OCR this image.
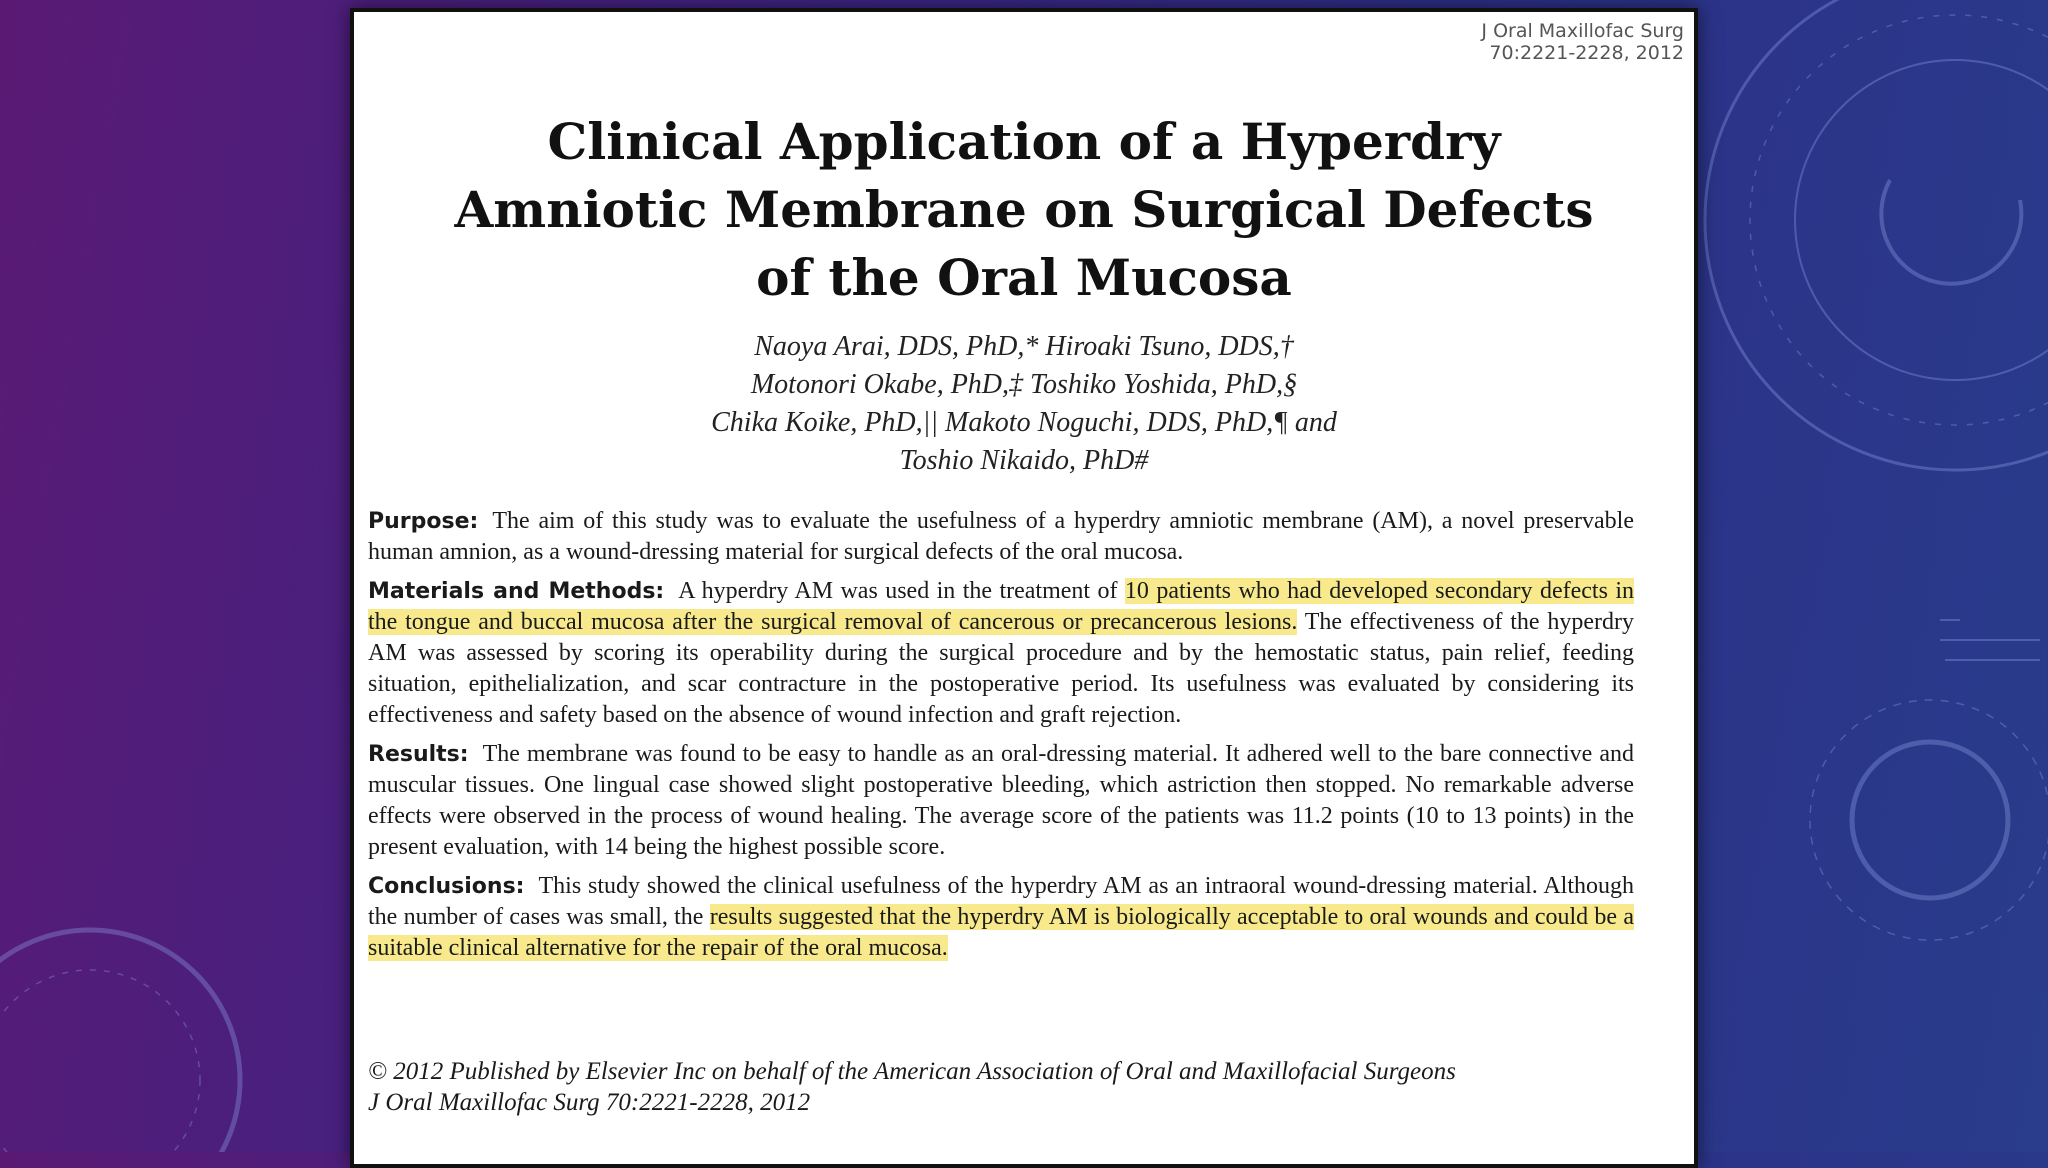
J Oral Maxillofac Surg
70:2221-2228, 2012
Clinical Application of a Hyperdry
Amniotic Membrane on Surgical Defects
of the Oral Mucosa
Naoya Arai, DDS, PhD,* Hiroaki Tsuno, DDS,†
Motonori Okabe, PhD,‡ Toshiko Yoshida, PhD,§
Chika Koike, PhD,|| Makoto Noguchi, DDS, PhD,¶ and
Toshio Nikaido, PhD#

Purpose: The aim of this study was to evaluate the usefulness of a hyperdry amniotic membrane (AM), a novel preservable human amnion, as a wound-dressing material for surgical defects of the oral mucosa.

Materials and Methods: A hyperdry AM was used in the treatment of 10 patients who had developed secondary defects in the tongue and buccal mucosa after the surgical removal of cancerous or precancerous lesions. The effectiveness of the hyperdry AM was assessed by scoring its operability during the surgical procedure and by the hemostatic status, pain relief, feeding situation, epithelialization, and scar contracture in the postoperative period. Its usefulness was evaluated by considering its effectiveness and safety based on the absence of wound infection and graft rejection.

Results: The membrane was found to be easy to handle as an oral-dressing material. It adhered well to the bare connective and muscular tissues. One lingual case showed slight postoperative bleeding, which astriction then stopped. No remarkable adverse effects were observed in the process of wound healing. The average score of the patients was 11.2 points (10 to 13 points) in the present evaluation, with 14 being the highest possible score.

Conclusions: This study showed the clinical usefulness of the hyperdry AM as an intraoral wound-dressing material. Although the number of cases was small, the results suggested that the hyperdry AM is biologically acceptable to oral wounds and could be a suitable clinical alternative for the repair of the oral mucosa.

© 2012 Published by Elsevier Inc on behalf of the American Association of Oral and Maxillofacial Surgeons
J Oral Maxillofac Surg 70:2221-2228, 2012
